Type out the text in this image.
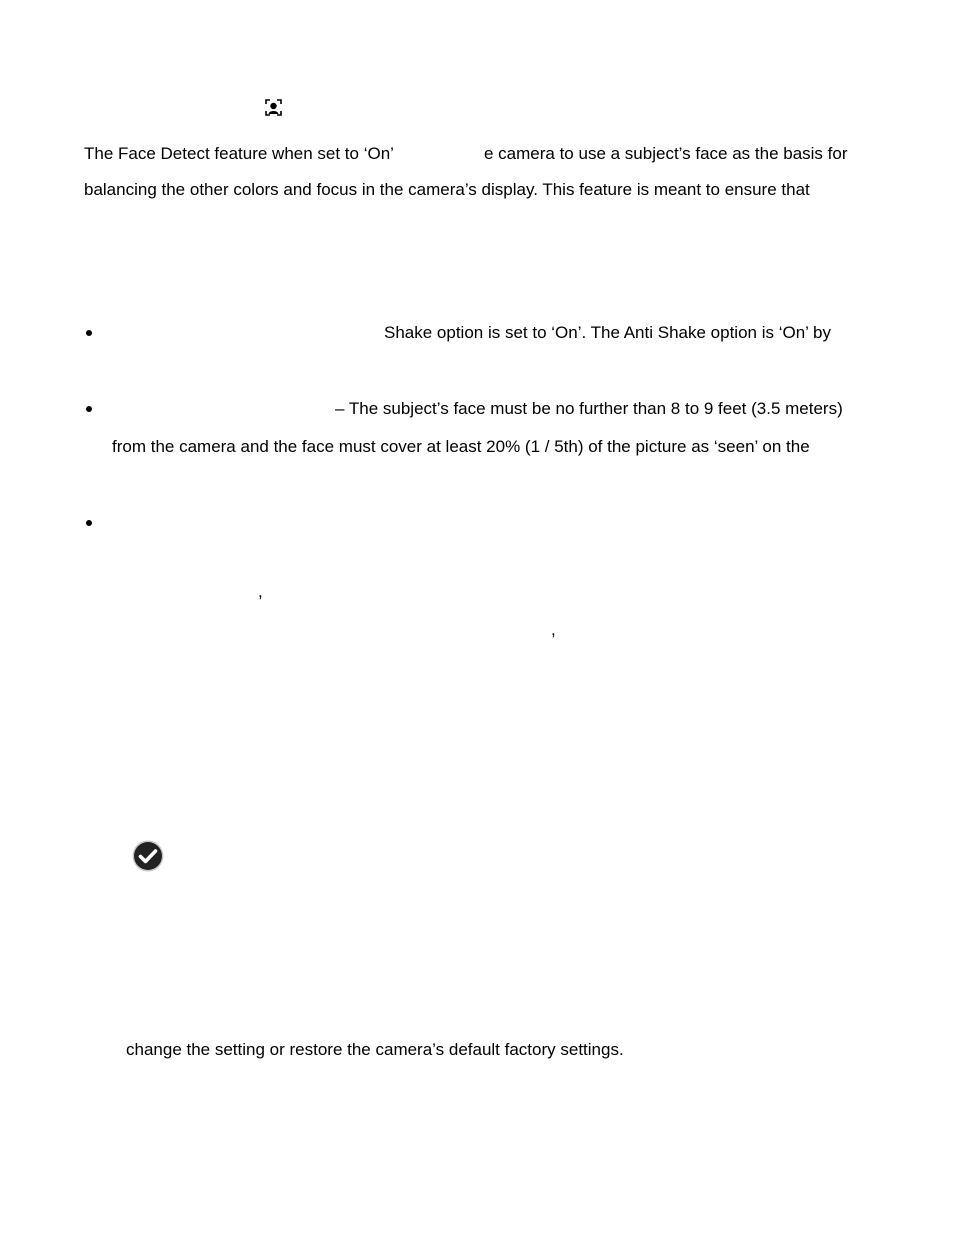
The Face Detect feature when set to ‘On’	e camera to use a subject’s face as the basis for
balancing the other colors and focus in the camera’s display. This feature is meant to ensure that
Shake option is set to ‘On’. The Anti Shake option is ‘On’ by
– The subject’s face must be no further than 8 to 9 feet (3.5 meters)
from the camera and the face must cover at least 20% (1 / 5th) of the picture as ‘seen’ on the
,
,
change the setting or restore the camera’s default factory settings.
